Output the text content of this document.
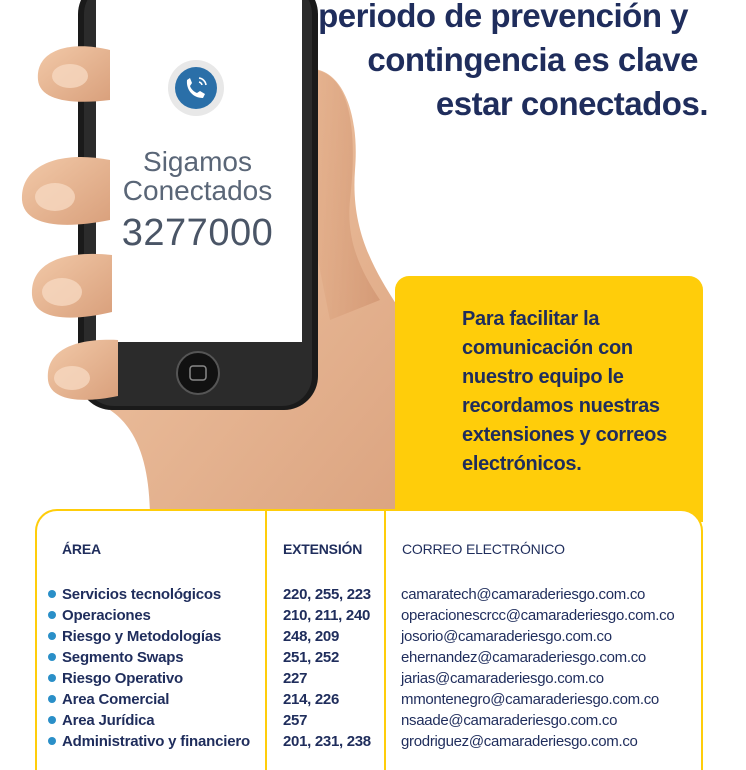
periodo de prevención y
contingencia es clave
estar conectados.
Sigamos
Conectados
3277000
Para facilitar la
comunicación con
nuestro equipo le
recordamos nuestras
extensiones y correos
electrónicos.
ÁREA	EXTENSIÓN	CORREO ELECTRÓNICO
Servicios tecnológicos	220, 255, 223 camaratech@camaraderiesgo.com.co
Operaciones	210, 211, 240 operacionescrcc@camaraderiesgo.com.co
Riesgo y Metodologías	248, 209	josorio@camaraderiesgo.com.co
Segmento Swaps	251, 252	ehernandez@camaraderiesgo.com.co
Riesgo Operativo	227	jarias@camaraderiesgo.com.co
Area Comercial	214, 226	mmontenegro@camaraderiesgo.com.co
Area Jurídica	257	nsaade@camaraderiesgo.com.co
Administrativo y financiero 201, 231, 238 grodriguez@camaraderiesgo.com.co
